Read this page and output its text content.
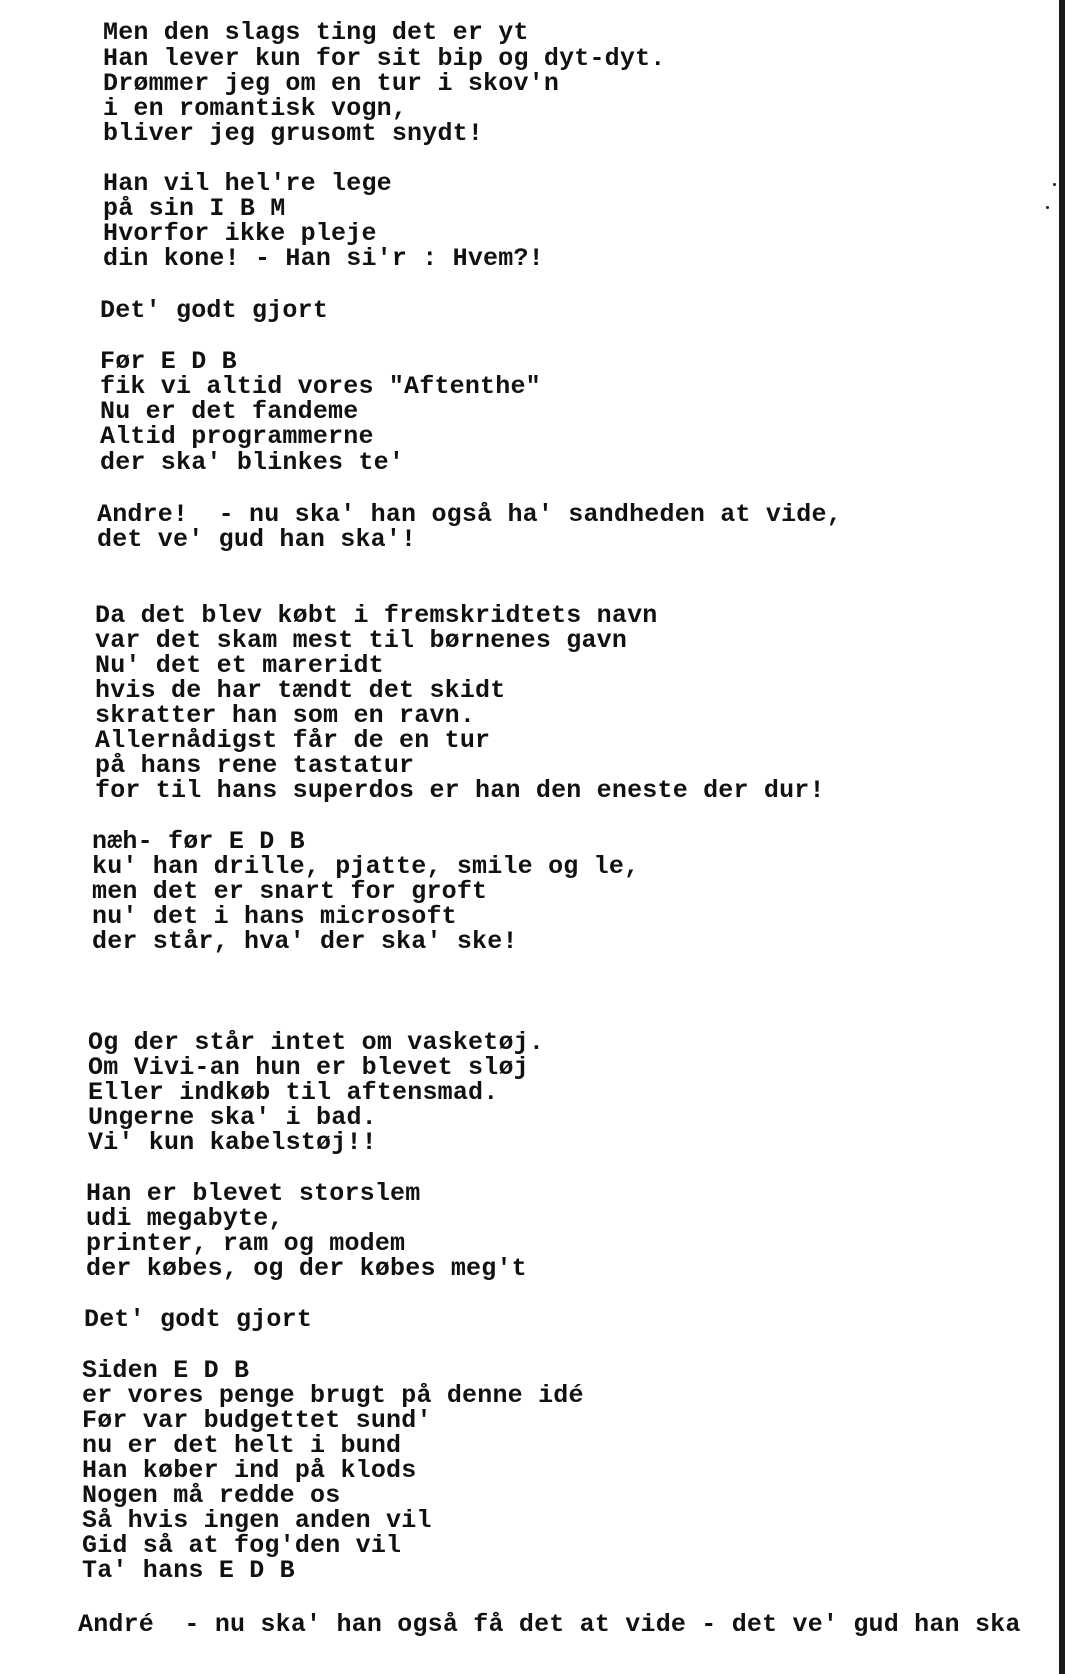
Men den slags ting det er yt
Han lever kun for sit bip og dyt-dyt.
Drømmer jeg om en tur i skov'n
i en romantisk vogn,
bliver jeg grusomt snydt!
Han vil hel're lege
på sin I B M
Hvorfor ikke pleje
din kone! - Han si'r : Hvem?!
Det' godt gjort
Før E D B
fik vi altid vores "Aftenthe"
Nu er det fandeme
Altid programmerne
der ska' blinkes te'
Andre!  - nu ska' han også ha' sandheden at vide,
det ve' gud han ska'!
Da det blev købt i fremskridtets navn
var det skam mest til børnenes gavn
Nu' det et mareridt
hvis de har tændt det skidt
skratter han som en ravn.
Allernådigst får de en tur
på hans rene tastatur
for til hans superdos er han den eneste der dur!
næh- før E D B
ku' han drille, pjatte, smile og le,
men det er snart for groft
nu' det i hans microsoft
der står, hva' der ska' ske!
Og der står intet om vasketøj.
Om Vivi-an hun er blevet sløj
Eller indkøb til aftensmad.
Ungerne ska' i bad.
Vi' kun kabelstøj!!
Han er blevet storslem
udi megabyte,
printer, ram og modem
der købes, og der købes meg't
Det' godt gjort
Siden E D B
er vores penge brugt på denne idé
Før var budgettet sund'
nu er det helt i bund
Han køber ind på klods
Nogen må redde os
Så hvis ingen anden vil
Gid så at fog'den vil
Ta' hans E D B
André  - nu ska' han også få det at vide - det ve' gud han ska
